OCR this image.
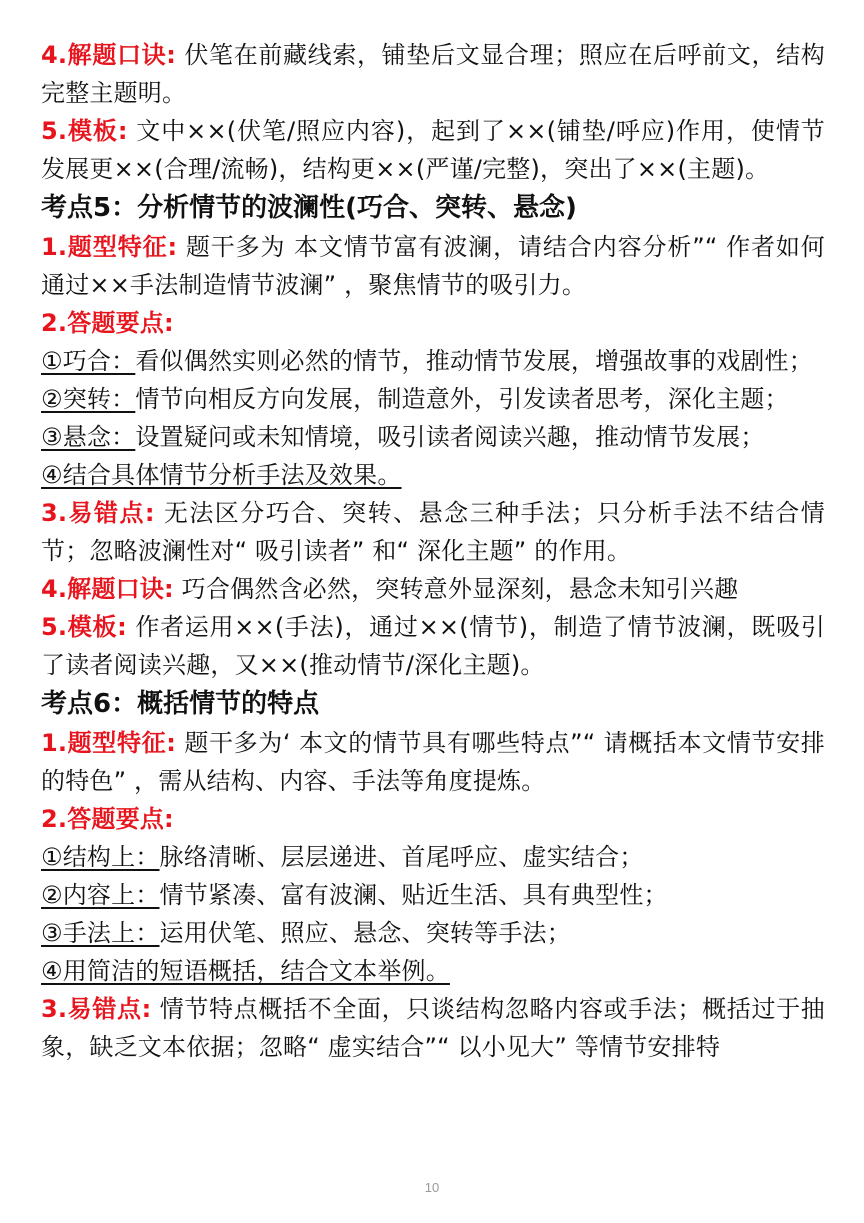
4.解题口诀: 伏笔在前藏线索，铺垫后文显合理；照应在后呼前文，结构完整主题明。

5.模板: 文中××(伏笔/照应内容)，起到了××(铺垫/呼应)作用，使情节发展更××(合理/流畅)，结构更××(严谨/完整)，突出了××(主题)。

考点5：分析情节的波澜性(巧合、突转、悬念)

1.题型特征: 题干多为 本文情节富有波澜，请结合内容分析”“ 作者如何通过××手法制造情节波澜” ，聚焦情节的吸引力。

2.答题要点:

①巧合：看似偶然实则必然的情节，推动情节发展，增强故事的戏剧性；

②突转：情节向相反方向发展，制造意外，引发读者思考，深化主题；

③悬念：设置疑问或未知情境，吸引读者阅读兴趣，推动情节发展；

④结合具体情节分析手法及效果。

3.易错点: 无法区分巧合、突转、悬念三种手法；只分析手法不结合情节；忽略波澜性对“ 吸引读者” 和“ 深化主题” 的作用。

4.解题口诀: 巧合偶然含必然，突转意外显深刻，悬念未知引兴趣

5.模板: 作者运用××(手法)，通过××(情节)，制造了情节波澜，既吸引了读者阅读兴趣，又××(推动情节/深化主题)。

考点6：概括情节的特点

1.题型特征: 题干多为‘ 本文的情节具有哪些特点”“ 请概括本文情节安排的特色” ，需从结构、内容、手法等角度提炼。

2.答题要点:

①结构上：脉络清晰、层层递进、首尾呼应、虚实结合；

②内容上：情节紧凑、富有波澜、贴近生活、具有典型性；

③手法上：运用伏笔、照应、悬念、突转等手法；

④用简洁的短语概括，结合文本举例。

3.易错点: 情节特点概括不全面，只谈结构忽略内容或手法；概括过于抽象，缺乏文本依据；忽略“ 虚实结合”“ 以小见大” 等情节安排特

10
